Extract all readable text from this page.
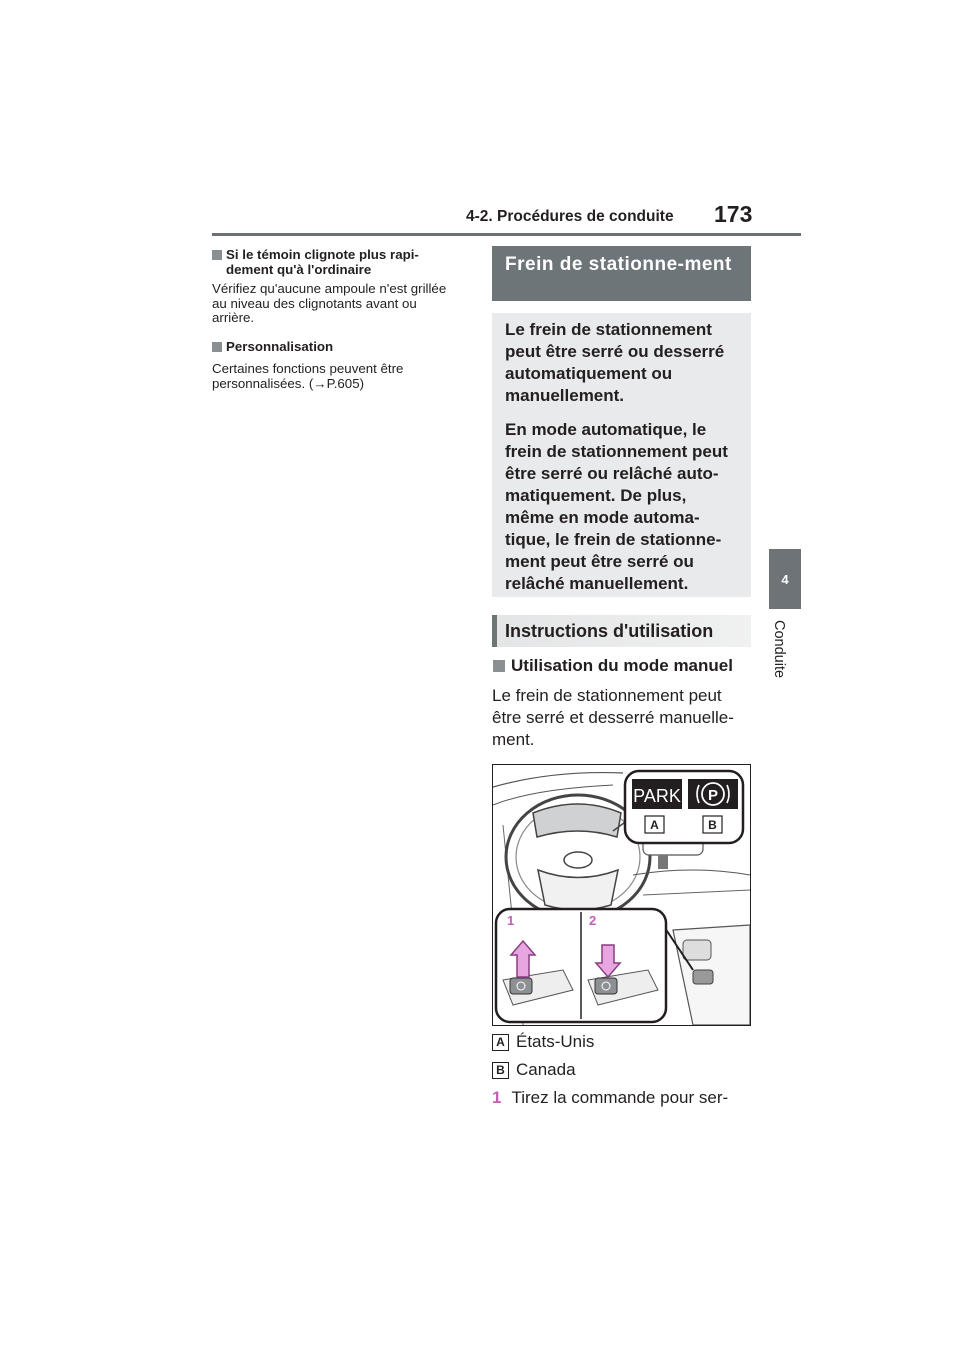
4-2. Procédures de conduite 173
4
Conduite
Si le témoin clignote plus rapi-dement qu'à l'ordinaire
Vérifiez qu'aucune ampoule n'est grillée au niveau des clignotants avant ou arrière.
Personnalisation
Certaines fonctions peuvent être personnalisées. (→P.605)
Frein de stationne-ment

Le frein de stationnement peut être serré ou desserré automatiquement ou manuellement.

En mode automatique, le frein de stationnement peut être serré ou relâché auto-matiquement. De plus, même en mode automa-tique, le frein de stationne-ment peut être serré ou relâché manuellement.

Instructions d'utilisation
Utilisation du mode manuel
Le frein de stationnement peut être serré et desserré manuelle-ment.
PARK P
A	B
1	2
A États-Unis
B Canada
1 Tirez la commande pour ser-
